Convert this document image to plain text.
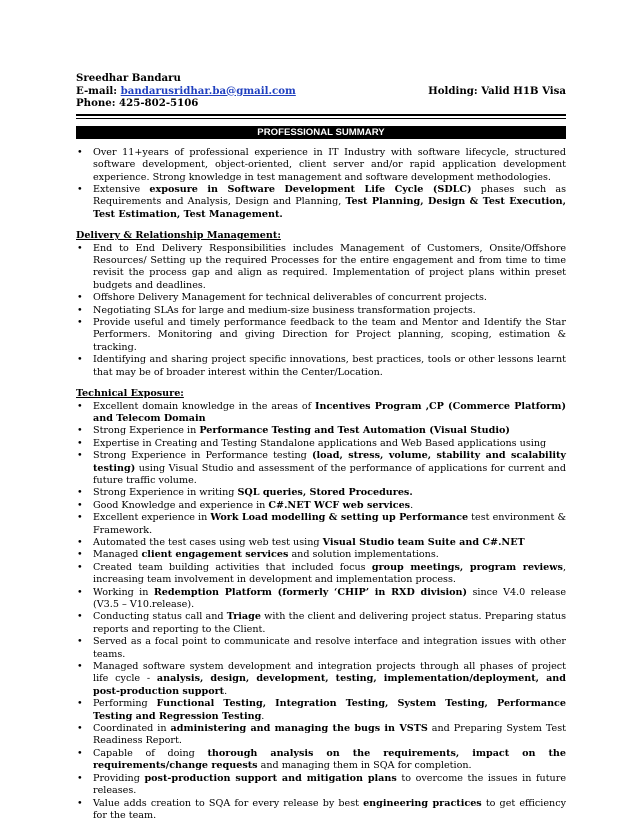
Sreedhar Bandaru
E-mail: bandarusridhar.ba@gmail.com	Holding: Valid H1B Visa
Phone: 425-802-5106
PROFESSIONAL SUMMARY
• Over 11+years of professional experience in IT Industry with software lifecycle, structured software development, object-oriented, client server and/or rapid application development experience. Strong knowledge in test management and software development methodologies.
• Extensive exposure in Software Development Life Cycle (SDLC) phases such as Requirements and Analysis, Design and Planning, Test Planning, Design & Test Execution, Test Estimation, Test Management.
Delivery & Relationship Management:
• End to End Delivery Responsibilities includes Management of Customers, Onsite/Offshore Resources/ Setting up the required Processes for the entire engagement and from time to time revisit the process gap and align as required. Implementation of project plans within preset budgets and deadlines.
• Offshore Delivery Management for technical deliverables of concurrent projects.
• Negotiating SLAs for large and medium-size business transformation projects.
• Provide useful and timely performance feedback to the team and Mentor and Identify the Star Performers. Monitoring and giving Direction for Project planning, scoping, estimation & tracking.
• Identifying and sharing project specific innovations, best practices, tools or other lessons learnt that may be of broader interest within the Center/Location.
Technical Exposure:
• Excellent domain knowledge in the areas of Incentives Program ,CP (Commerce Platform) and Telecom Domain
• Strong Experience in Performance Testing and Test Automation (Visual Studio)
• Expertise in Creating and Testing Standalone applications and Web Based applications using
• Strong Experience in Performance testing (load, stress, volume, stability and scalability testing) using Visual Studio and assessment of the performance of applications for current and future traffic volume.
• Strong Experience in writing SQL queries, Stored Procedures.
• Good Knowledge and experience in C#.NET WCF web services.
• Excellent experience in Work Load modelling & setting up Performance test environment & Framework.
• Automated the test cases using web test using Visual Studio team Suite and C#.NET
• Managed client engagement services and solution implementations.
• Created team building activities that included focus group meetings, program reviews, increasing team involvement in development and implementation process.
• Working in Redemption Platform (formerly ‘CHIP’ in RXD division) since V4.0 release (V3.5 – V10.release).
• Conducting status call and Triage with the client and delivering project status. Preparing status reports and reporting to the Client.
• Served as a focal point to communicate and resolve interface and integration issues with other teams.
• Managed software system development and integration projects through all phases of project life cycle - analysis, design, development, testing, implementation/deployment, and post-production support.
• Performing Functional Testing, Integration Testing, System Testing, Performance Testing and Regression Testing.
• Coordinated in administering and managing the bugs in VSTS and Preparing System Test Readiness Report.
• Capable of doing thorough analysis on the requirements, impact on the requirements/change requests and managing them in SQA for completion.
• Providing post-production support and mitigation plans to overcome the issues in future releases.
• Value adds creation to SQA for every release by best engineering practices to get efficiency for the team.
